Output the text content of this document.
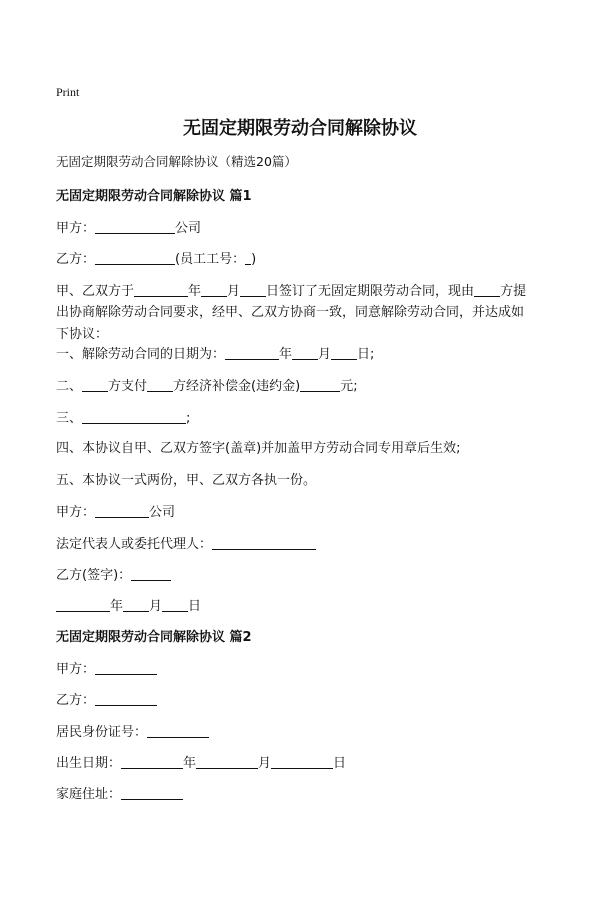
Print
无固定期限劳动合同解除协议
无固定期限劳动合同解除协议（精选20篇）
无固定期限劳动合同解除协议 篇1
甲方：	公司
乙方：	(员工工号： )
甲、乙双方于	年 月 日签订了无固定期限劳动合同，现由 方提
出协商解除劳动合同要求，经甲、乙双方协商一致，同意解除劳动合同，并达成如
下协议：
一、解除劳动合同的日期为：	年 月 日;
二、 方支付 方经济补偿金(违约金)	元;
三、	;
四、本协议自甲、乙双方签字(盖章)并加盖甲方劳动合同专用章后生效;
五、本协议一式两份，甲、乙双方各执一份。
甲方：	公司
法定代表人或委托代理人：
乙方(签字)：
年 月 日
无固定期限劳动合同解除协议 篇2
甲方：
乙方：
居民身份证号：
出生日期：	年	月	日
家庭住址：
